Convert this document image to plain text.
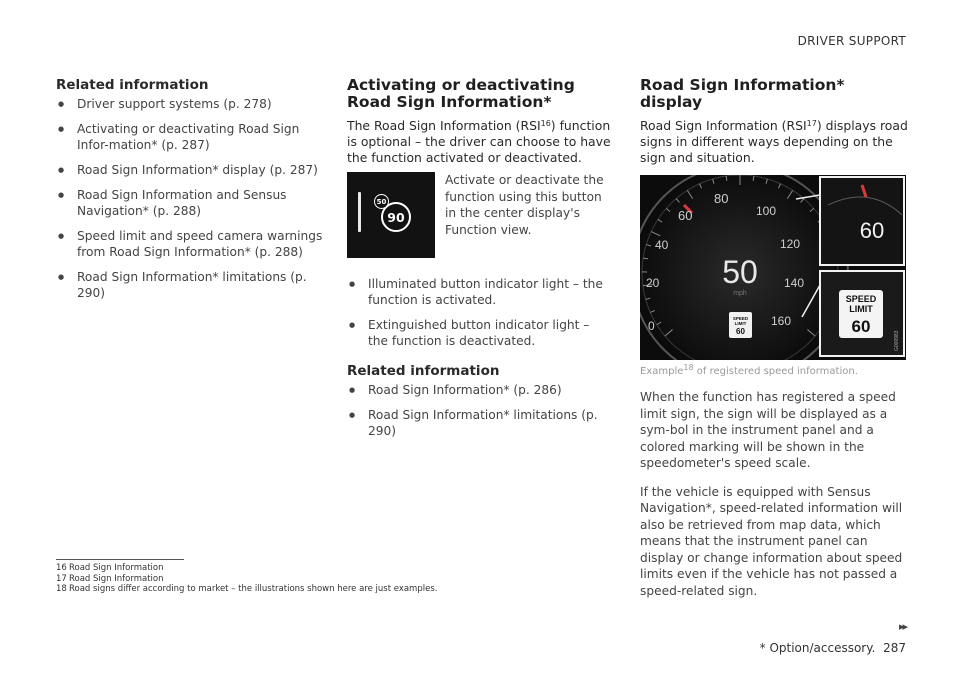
DRIVER SUPPORT
Related information
● Driver support systems (p. 278)
● Activating or deactivating Road Sign Infor-mation* (p. 287)
● Road Sign Information* display (p. 287)
● Road Sign Information and Sensus Navigation* (p. 288)
● Speed limit and speed camera warnings from Road Sign Information* (p. 288)
● Road Sign Information* limitations (p. 290)
Activating or deactivating Road Sign Information*

The Road Sign Information (RSI$^{16}$) function is optional – the driver can choose to have the function activated or deactivated.

90
50
Activate or deactivate the function using this button in the center display's Function view.
● Illuminated button indicator light – the function is activated.
● Extinguished button indicator light – the function is deactivated.
Related information
● Road Sign Information* (p. 286)
● Road Sign Information* limitations (p. 290)
Road Sign Information* display

Road Sign Information (RSI$^{17}$) displays road signs in different ways depending on the sign and situation.

0
20
40
60
80
100
120
140
160
50
mph
SPEED
LIMIT
60
60
SPEED
LIMIT
60
G000983
Example$^{18}$ of registered speed information.

When the function has registered a speed limit sign, the sign will be displayed as a sym-bol in the instrument panel and a colored marking will be shown in the speedometer's speed scale.

If the vehicle is equipped with Sensus Navigation*, speed-related information will also be retrieved from map data, which means that the instrument panel can display or change information about speed limits even if the vehicle has not passed a speed-related sign.

16 Road Sign Information
17 Road Sign Information
18 Road signs differ according to market – the illustrations shown here are just examples.
▸▸
* Option/accessory. 287
